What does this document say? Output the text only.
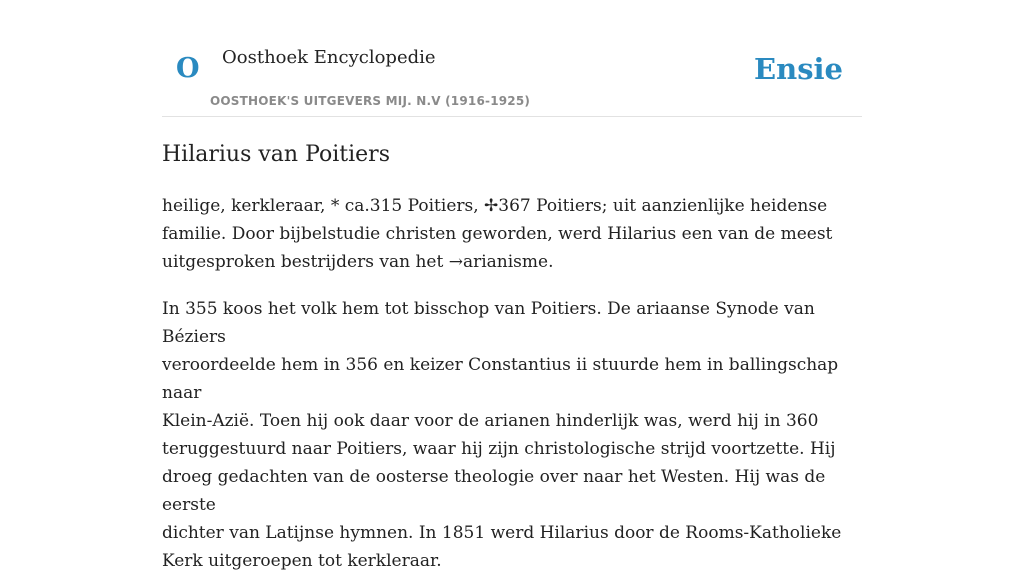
O Oosthoek Encyclopedie
OOSTHOEK'S UITGEVERS MIJ. N.V (1916-1925)
Ensie
Hilarius van Poitiers

heilige, kerkleraar, * ca.315 Poitiers, ✢367 Poitiers; uit aanzienlijke heidense
familie. Door bijbelstudie christen geworden, werd Hilarius een van de meest
uitgesproken bestrijders van het →arianisme.

In 355 koos het volk hem tot bisschop van Poitiers. De ariaanse Synode van Béziers
veroordeelde hem in 356 en keizer Constantius ii stuurde hem in ballingschap naar
Klein-Azië. Toen hij ook daar voor de arianen hinderlijk was, werd hij in 360
teruggestuurd naar Poitiers, waar hij zijn christologische strijd voortzette. Hij
droeg gedachten van de oosterse theologie over naar het Westen. Hij was de eerste
dichter van Latijnse hymnen. In 1851 werd Hilarius door de Rooms-Katholieke
Kerk uitgeroepen tot kerkleraar.
